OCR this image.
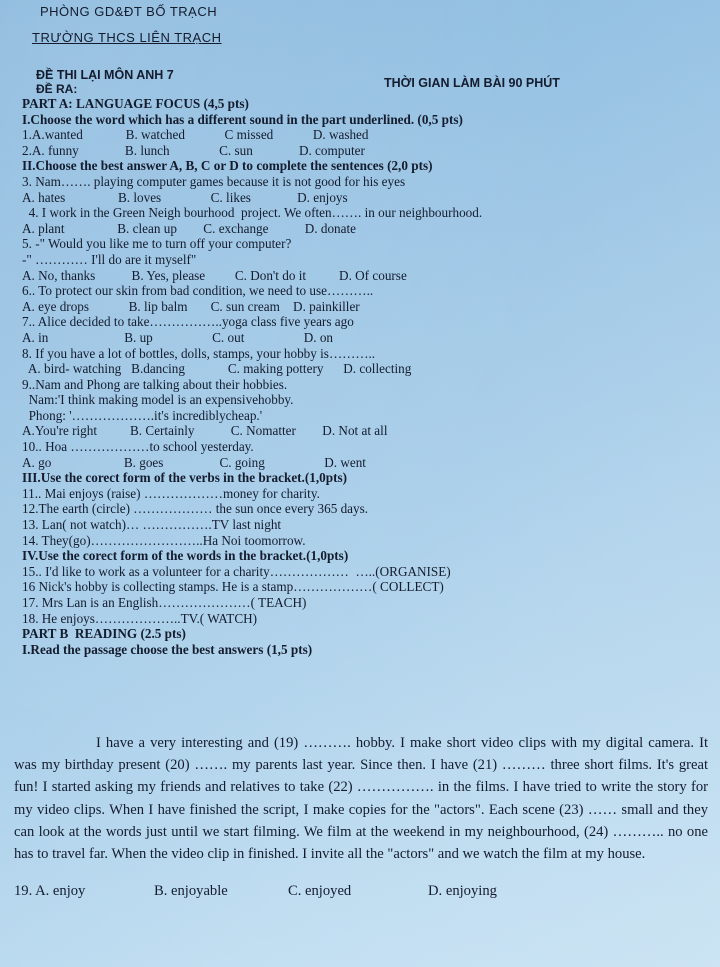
PHÒNG GD&ĐT BỐ TRẠCH
TRƯỜNG THCS LIÊN TRẠCH
ĐỀ THI LẠI MÔN ANH 7
ĐỀ RA:	THỜI GIAN LÀM BÀI 90 PHÚT
PART A: LANGUAGE FOCUS (4,5 pts)
I.Choose the word which has a different sound in the part underlined. (0,5 pts)
1.A.wanted             B. watched            C missed            D. washed
2.A. funny              B. lunch               C. sun              D. computer
II.Choose the best answer A, B, C or D to complete the sentences (2,0 pts)
3. Nam……. playing computer games because it is not good for his eyes
A. hates                B. loves               C. likes              D. enjoys
4. I work in the Green Neigh bourhood  project. We often……. in our neighbourhood.
A. plant                B. clean up        C. exchange           D. donate
5. -" Would you like me to turn off your computer?
-" ………… I'll do are it myself"
A. No, thanks           B. Yes, please         C. Don't do it          D. Of course
6.. To protect our skin from bad condition, we need to use………..
A. eye drops            B. lip balm       C. sun cream    D. painkiller
7.. Alice decided to take……………..yoga class five years ago
A. in                       B. up                  C. out                  D. on
8. If you have a lot of bottles, dolls, stamps, your hobby is………..
A. bird- watching   B.dancing             C. making pottery      D. collecting
9..Nam and Phong are talking about their hobbies.
Nam:'I think making model is an expensivehobby.
Phong: '……………….it's incrediblycheap.'
A.You're right          B. Certainly           C. Nomatter        D. Not at all
10.. Hoa ………………to school yesterday.
A. go                      B. goes                 C. going                  D. went
III.Use the corect form of the verbs in the bracket.(1,0pts)
11.. Mai enjoys (raise) ………………money for charity.
12.The earth (circle) ……………… the sun once every 365 days.
13. Lan( not watch)… …………….TV last night
14. They(go)……………………..Ha Noi toomorrow.
IV.Use the corect form of the words in the bracket.(1,0pts)
15.. I'd like to work as a volunteer for a charity………………  …..(ORGANISE)
16 Nick's hobby is collecting stamps. He is a stamp………………( COLLECT)
17. Mrs Lan is an English…………………( TEACH)
18. He enjoys………………..TV.( WATCH)
PART B  READING (2.5 pts)
I.Read the passage choose the best answers (1,5 pts)

I have a very interesting and (19) ………. hobby. I make short video clips with my digital camera. It was my birthday present (20) ……. my parents last year. Since then. I have (21) ……… three short films. It's great fun! I started asking my friends and relatives to take (22) ……………. in the films. I have tried to write the story for my video clips. When I have finished the script, I make copies for the "actors". Each scene (23) …… small and they can look at the words just until we start filming. We film at the weekend in my neighbourhood, (24) ……….. no one has to travel far. When the video clip in finished. I invite all the "actors" and we watch the film at my house.

19. A. enjoy	B. enjoyable	C. enjoyed	D. enjoying
